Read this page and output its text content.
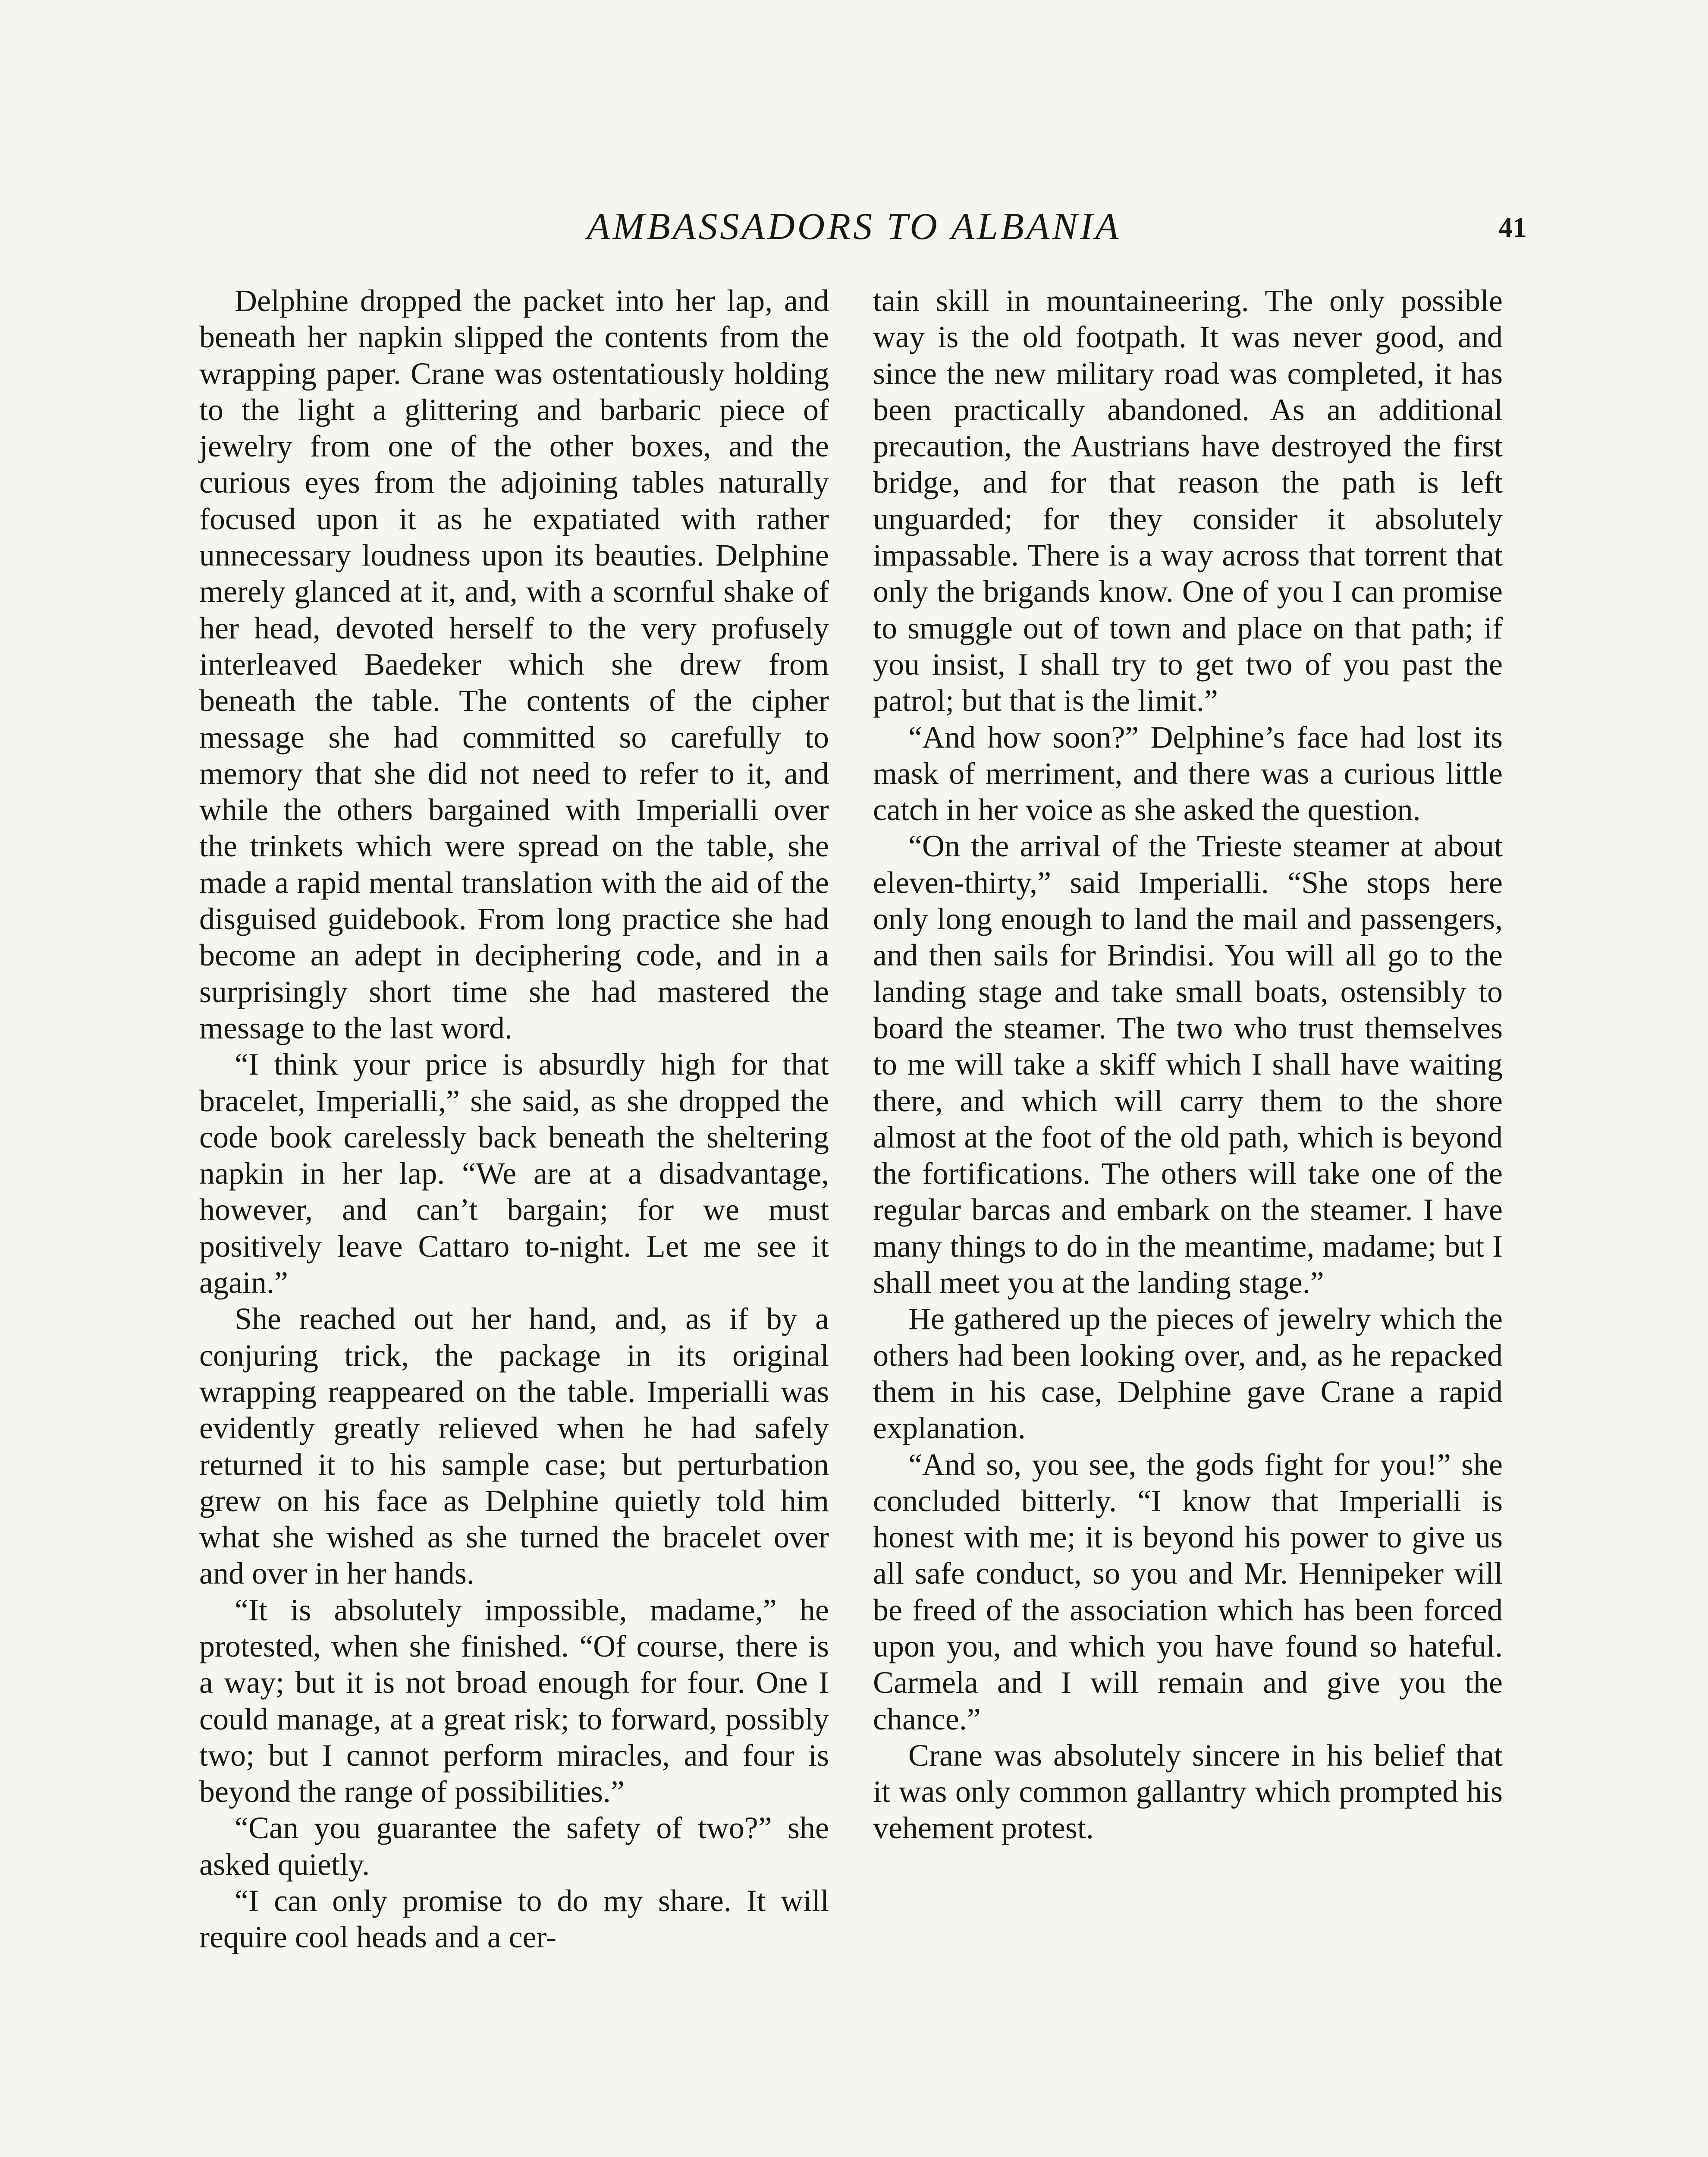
AMBASSADORS TO ALBANIA	41

Delphine dropped the packet into her lap, and beneath her napkin slipped the contents from the wrapping paper. Crane was ostentatiously holding to the light a glittering and barbaric piece of jewelry from one of the other boxes, and the curious eyes from the adjoining tables naturally focused upon it as he expatiated with rather unnecessary loudness upon its beauties. Delphine merely glanced at it, and, with a scornful shake of her head, devoted herself to the very profusely interleaved Baedeker which she drew from beneath the table. The contents of the cipher message she had committed so carefully to memory that she did not need to refer to it, and while the others bargained with Imperialli over the trinkets which were spread on the table, she made a rapid mental translation with the aid of the disguised guidebook. From long practice she had become an adept in deciphering code, and in a surprisingly short time she had mastered the message to the last word.

“I think your price is absurdly high for that bracelet, Imperialli,” she said, as she dropped the code book carelessly back beneath the sheltering napkin in her lap. “We are at a disadvantage, however, and can’t bargain; for we must positively leave Cattaro to-night. Let me see it again.”

She reached out her hand, and, as if by a conjuring trick, the package in its original wrapping reappeared on the table. Imperialli was evidently greatly relieved when he had safely returned it to his sample case; but perturbation grew on his face as Delphine quietly told him what she wished as she turned the bracelet over and over in her hands.

“It is absolutely impossible, madame,” he protested, when she finished. “Of course, there is a way; but it is not broad enough for four. One I could manage, at a great risk; to forward, possibly two; but I cannot perform miracles, and four is beyond the range of possibilities.”

“Can you guarantee the safety of two?” she asked quietly.

“I can only promise to do my share. It will require cool heads and a cer-

tain skill in mountaineering. The only possible way is the old footpath. It was never good, and since the new military road was completed, it has been practically abandoned. As an additional precaution, the Austrians have destroyed the first bridge, and for that reason the path is left unguarded; for they consider it absolutely impassable. There is a way across that torrent that only the brigands know. One of you I can promise to smuggle out of town and place on that path; if you insist, I shall try to get two of you past the patrol; but that is the limit.”

“And how soon?” Delphine’s face had lost its mask of merriment, and there was a curious little catch in her voice as she asked the question.

“On the arrival of the Trieste steamer at about eleven-thirty,” said Imperialli. “She stops here only long enough to land the mail and passengers, and then sails for Brindisi. You will all go to the landing stage and take small boats, ostensibly to board the steamer. The two who trust themselves to me will take a skiff which I shall have waiting there, and which will carry them to the shore almost at the foot of the old path, which is beyond the fortifications. The others will take one of the regular barcas and embark on the steamer. I have many things to do in the meantime, madame; but I shall meet you at the landing stage.”

He gathered up the pieces of jewelry which the others had been looking over, and, as he repacked them in his case, Delphine gave Crane a rapid explanation.

“And so, you see, the gods fight for you!” she concluded bitterly. “I know that Imperialli is honest with me; it is beyond his power to give us all safe conduct, so you and Mr. Hennipeker will be freed of the association which has been forced upon you, and which you have found so hateful. Carmela and I will remain and give you the chance.”

Crane was absolutely sincere in his belief that it was only common gallantry which prompted his vehement protest.
